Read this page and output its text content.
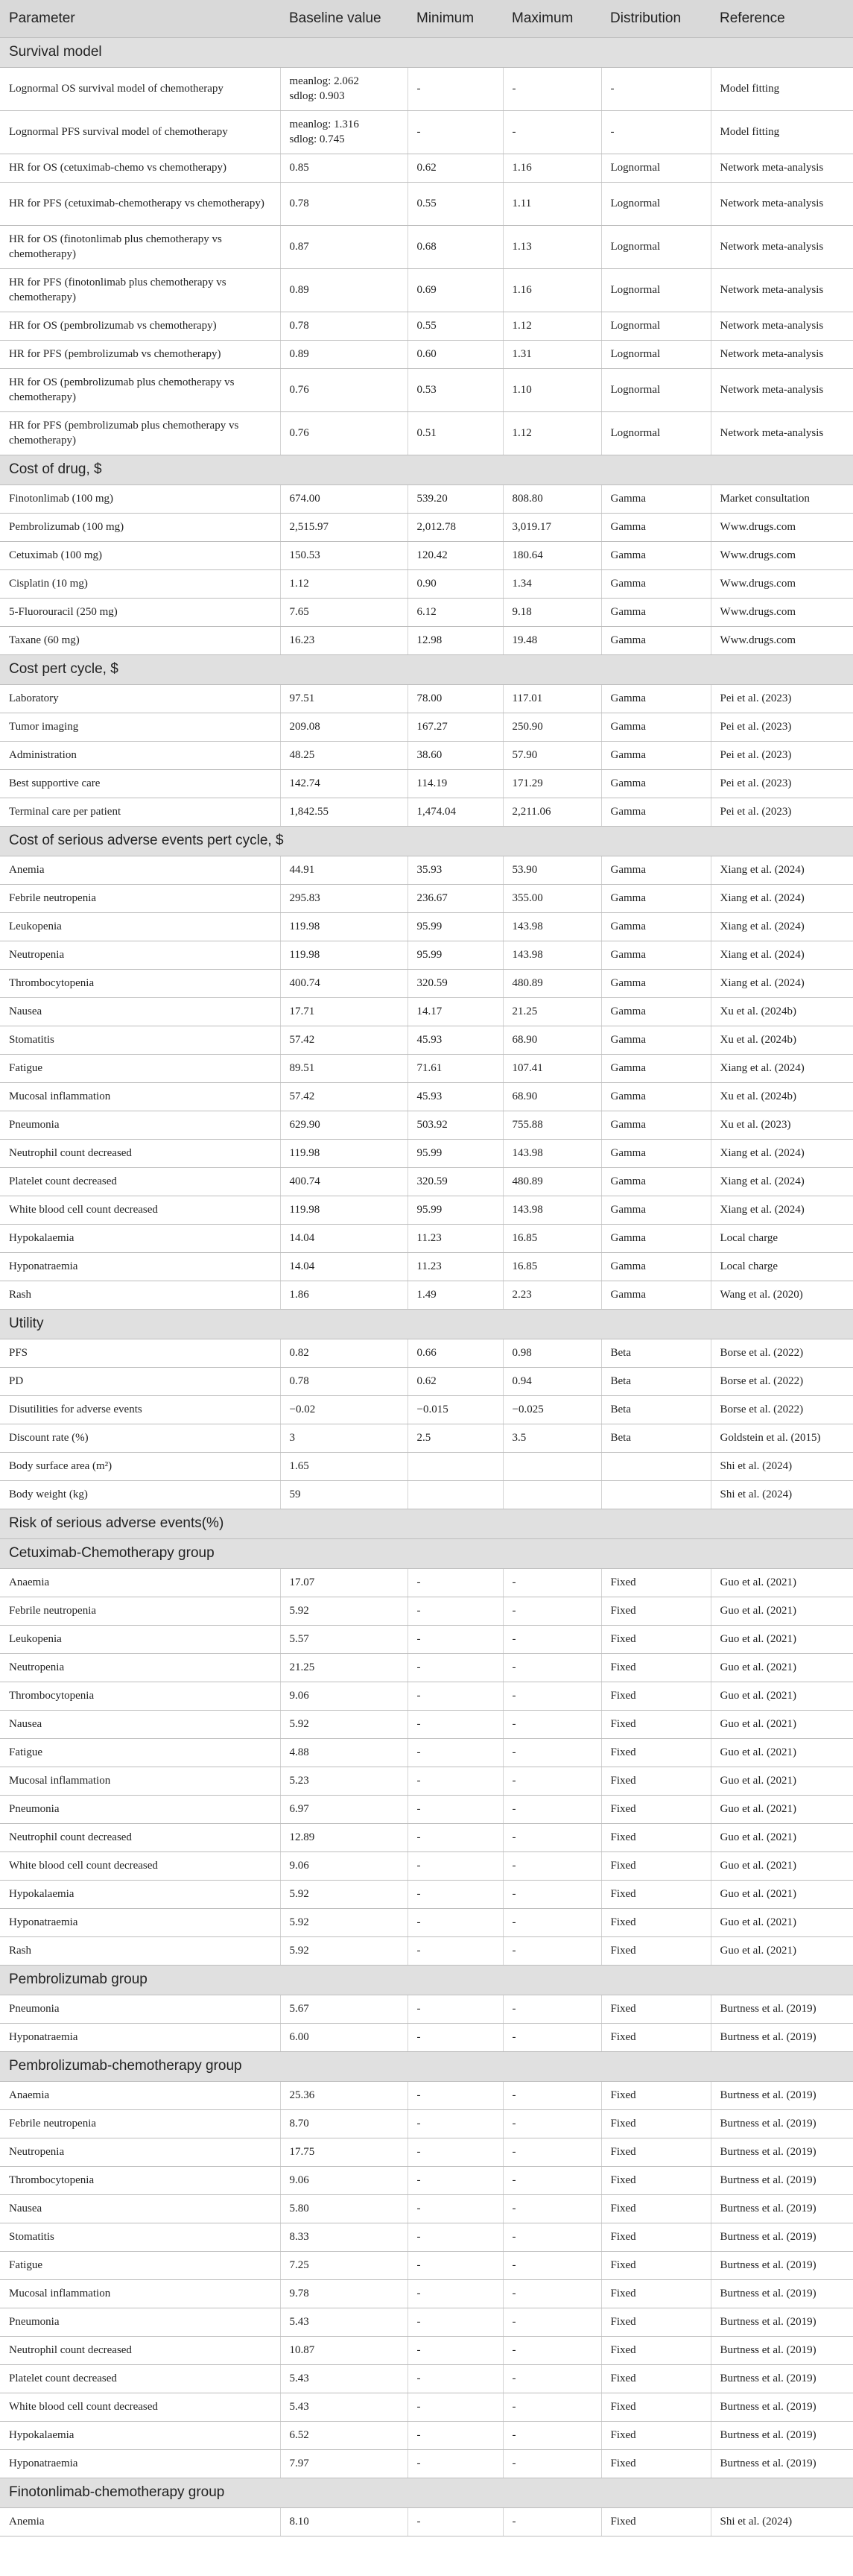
Parameter	Baseline value	Minimum	Maximum	Distribution	Reference
Survival model					
Lognormal OS survival model of chemotherapy	meanlog: 2.062
sdlog: 0.903	-	-	-	Model fitting
Lognormal PFS survival model of chemotherapy	meanlog: 1.316
sdlog: 0.745	-	-	-	Model fitting
HR for OS (cetuximab-chemo vs chemotherapy)	0.85	0.62	1.16	Lognormal	Network meta-analysis
HR for PFS (cetuximab-chemotherapy vs chemotherapy)	0.78	0.55	1.11	Lognormal	Network meta-analysis
HR for OS (finotonlimab plus chemotherapy vs chemotherapy)	0.87	0.68	1.13	Lognormal	Network meta-analysis
HR for PFS (finotonlimab plus chemotherapy vs chemotherapy)	0.89	0.69	1.16	Lognormal	Network meta-analysis
HR for OS (pembrolizumab vs chemotherapy)	0.78	0.55	1.12	Lognormal	Network meta-analysis
HR for PFS (pembrolizumab vs chemotherapy)	0.89	0.60	1.31	Lognormal	Network meta-analysis
HR for OS (pembrolizumab plus chemotherapy vs chemotherapy)	0.76	0.53	1.10	Lognormal	Network meta-analysis
HR for PFS (pembrolizumab plus chemotherapy vs chemotherapy)	0.76	0.51	1.12	Lognormal	Network meta-analysis
Cost of drug, $					
Finotonlimab (100 mg)	674.00	539.20	808.80	Gamma	Market consultation
Pembrolizumab (100 mg)	2,515.97	2,012.78	3,019.17	Gamma	Www.drugs.com
Cetuximab (100 mg)	150.53	120.42	180.64	Gamma	Www.drugs.com
Cisplatin (10 mg)	1.12	0.90	1.34	Gamma	Www.drugs.com
5-Fluorouracil (250 mg)	7.65	6.12	9.18	Gamma	Www.drugs.com
Taxane (60 mg)	16.23	12.98	19.48	Gamma	Www.drugs.com
Cost pert cycle, $					
Laboratory	97.51	78.00	117.01	Gamma	Pei et al. (2023)
Tumor imaging	209.08	167.27	250.90	Gamma	Pei et al. (2023)
Administration	48.25	38.60	57.90	Gamma	Pei et al. (2023)
Best supportive care	142.74	114.19	171.29	Gamma	Pei et al. (2023)
Terminal care per patient	1,842.55	1,474.04	2,211.06	Gamma	Pei et al. (2023)
Cost of serious adverse events pert cycle, $					
Anemia	44.91	35.93	53.90	Gamma	Xiang et al. (2024)
Febrile neutropenia	295.83	236.67	355.00	Gamma	Xiang et al. (2024)
Leukopenia	119.98	95.99	143.98	Gamma	Xiang et al. (2024)
Neutropenia	119.98	95.99	143.98	Gamma	Xiang et al. (2024)
Thrombocytopenia	400.74	320.59	480.89	Gamma	Xiang et al. (2024)
Nausea	17.71	14.17	21.25	Gamma	Xu et al. (2024b)
Stomatitis	57.42	45.93	68.90	Gamma	Xu et al. (2024b)
Fatigue	89.51	71.61	107.41	Gamma	Xiang et al. (2024)
Mucosal inflammation	57.42	45.93	68.90	Gamma	Xu et al. (2024b)
Pneumonia	629.90	503.92	755.88	Gamma	Xu et al. (2023)
Neutrophil count decreased	119.98	95.99	143.98	Gamma	Xiang et al. (2024)
Platelet count decreased	400.74	320.59	480.89	Gamma	Xiang et al. (2024)
White blood cell count decreased	119.98	95.99	143.98	Gamma	Xiang et al. (2024)
Hypokalaemia	14.04	11.23	16.85	Gamma	Local charge
Hyponatraemia	14.04	11.23	16.85	Gamma	Local charge
Rash	1.86	1.49	2.23	Gamma	Wang et al. (2020)
Utility					
PFS	0.82	0.66	0.98	Beta	Borse et al. (2022)
PD	0.78	0.62	0.94	Beta	Borse et al. (2022)
Disutilities for adverse events	−0.02	−0.015	−0.025	Beta	Borse et al. (2022)
Discount rate (%)	3	2.5	3.5	Beta	Goldstein et al. (2015)
Body surface area (m²)	1.65				Shi et al. (2024)
Body weight (kg)	59				Shi et al. (2024)
Risk of serious adverse events(%)					
Cetuximab-Chemotherapy group					
Anaemia	17.07	-	-	Fixed	Guo et al. (2021)
Febrile neutropenia	5.92	-	-	Fixed	Guo et al. (2021)
Leukopenia	5.57	-	-	Fixed	Guo et al. (2021)
Neutropenia	21.25	-	-	Fixed	Guo et al. (2021)
Thrombocytopenia	9.06	-	-	Fixed	Guo et al. (2021)
Nausea	5.92	-	-	Fixed	Guo et al. (2021)
Fatigue	4.88	-	-	Fixed	Guo et al. (2021)
Mucosal inflammation	5.23	-	-	Fixed	Guo et al. (2021)
Pneumonia	6.97	-	-	Fixed	Guo et al. (2021)
Neutrophil count decreased	12.89	-	-	Fixed	Guo et al. (2021)
White blood cell count decreased	9.06	-	-	Fixed	Guo et al. (2021)
Hypokalaemia	5.92	-	-	Fixed	Guo et al. (2021)
Hyponatraemia	5.92	-	-	Fixed	Guo et al. (2021)
Rash	5.92	-	-	Fixed	Guo et al. (2021)
Pembrolizumab group					
Pneumonia	5.67	-	-	Fixed	Burtness et al. (2019)
Hyponatraemia	6.00	-	-	Fixed	Burtness et al. (2019)
Pembrolizumab-chemotherapy group					
Anaemia	25.36	-	-	Fixed	Burtness et al. (2019)
Febrile neutropenia	8.70	-	-	Fixed	Burtness et al. (2019)
Neutropenia	17.75	-	-	Fixed	Burtness et al. (2019)
Thrombocytopenia	9.06	-	-	Fixed	Burtness et al. (2019)
Nausea	5.80	-	-	Fixed	Burtness et al. (2019)
Stomatitis	8.33	-	-	Fixed	Burtness et al. (2019)
Fatigue	7.25	-	-	Fixed	Burtness et al. (2019)
Mucosal inflammation	9.78	-	-	Fixed	Burtness et al. (2019)
Pneumonia	5.43	-	-	Fixed	Burtness et al. (2019)
Neutrophil count decreased	10.87	-	-	Fixed	Burtness et al. (2019)
Platelet count decreased	5.43	-	-	Fixed	Burtness et al. (2019)
White blood cell count decreased	5.43	-	-	Fixed	Burtness et al. (2019)
Hypokalaemia	6.52	-	-	Fixed	Burtness et al. (2019)
Hyponatraemia	7.97	-	-	Fixed	Burtness et al. (2019)
Finotonlimab-chemotherapy group					
Anemia	8.10	-	-	Fixed	Shi et al. (2024)
